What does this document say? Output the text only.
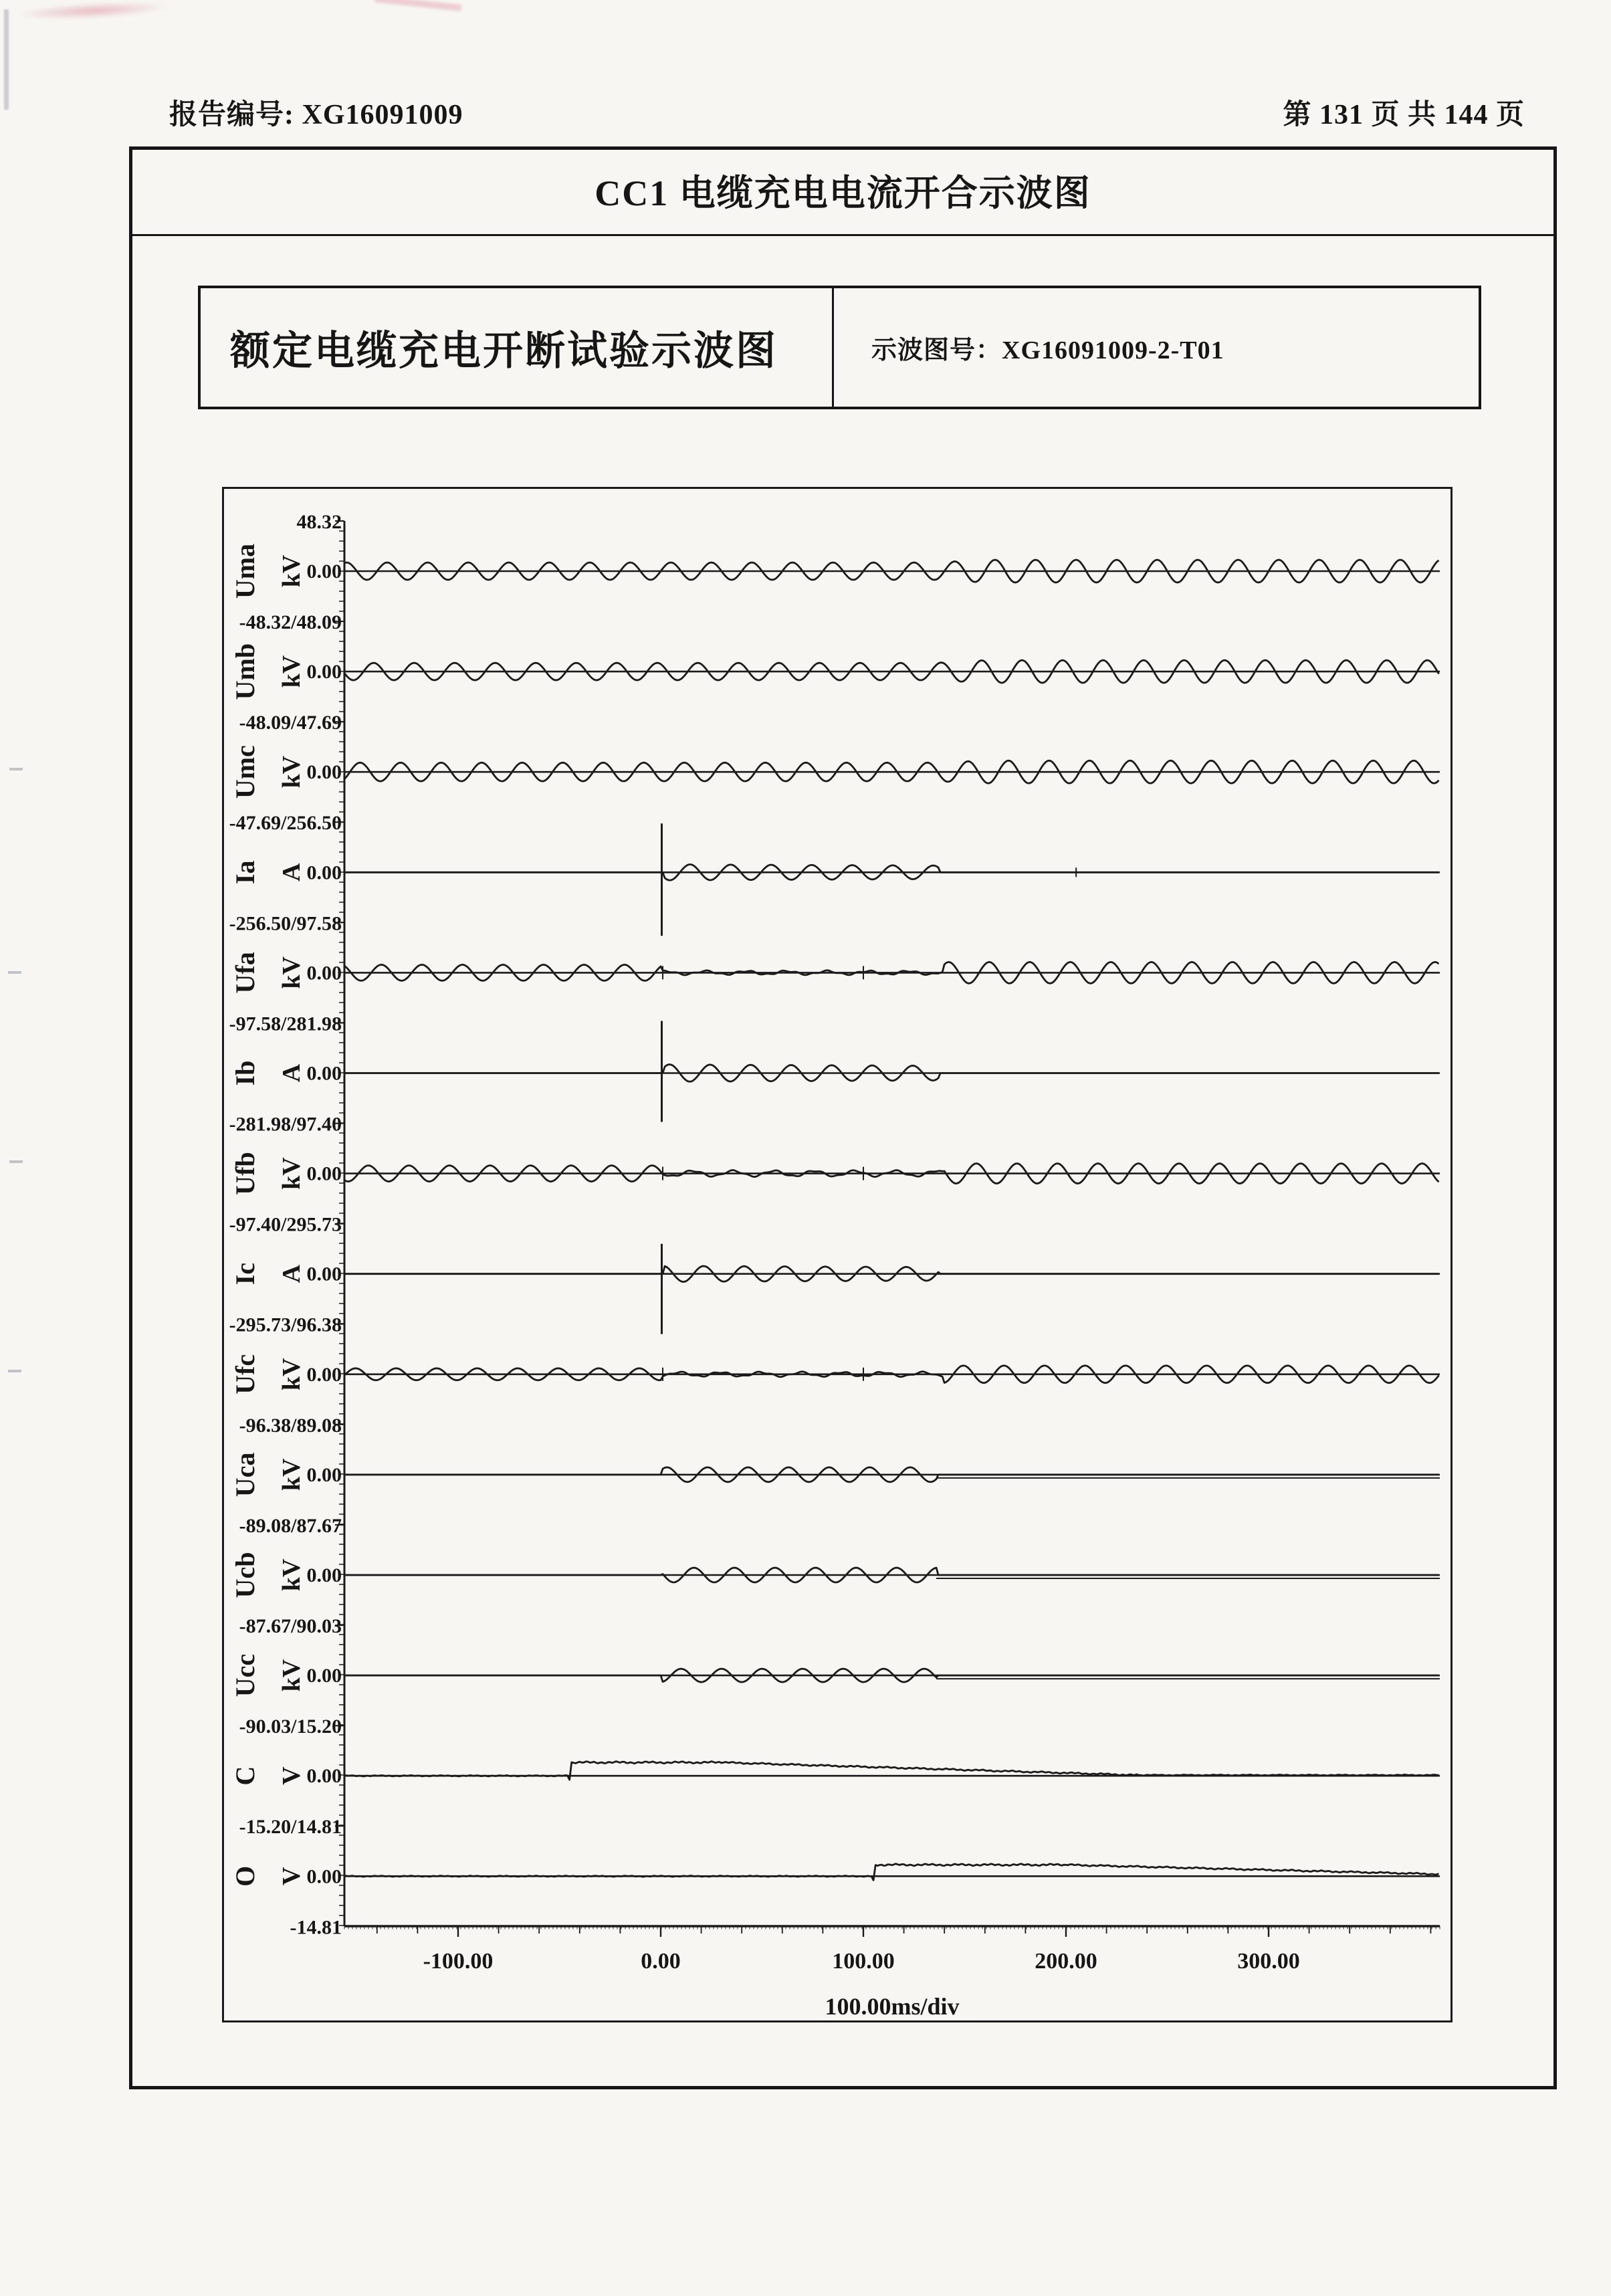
报告编号: XG16091009	第 131 页 共 144 页
CC1 电缆充电电流开合示波图
额定电缆充电开断试验示波图	示波图号：XG16091009-2-T01
-100.00	0.00	100.00	200.00	300.00
100.00ms/div
48.32
Uma kV 0.00
-48.32/48.09
Umb kV 0.00
-48.09/47.69
Umc kV 0.00
-47.69/256.50
Ia A 0.00
-256.50/97.58
Ufa kV 0.00
-97.58/281.98
Ib A 0.00
-281.98/97.40
Ufb kV 0.00
-97.40/295.73
Ic A 0.00
-295.73/96.38
Ufc kV 0.00
-96.38/89.08
Uca kV 0.00
-89.08/87.67
Ucb kV 0.00
-87.67/90.03
Ucc kV 0.00
-90.03/15.20
C V 0.00
-15.20/14.81
O V 0.00
-14.81
